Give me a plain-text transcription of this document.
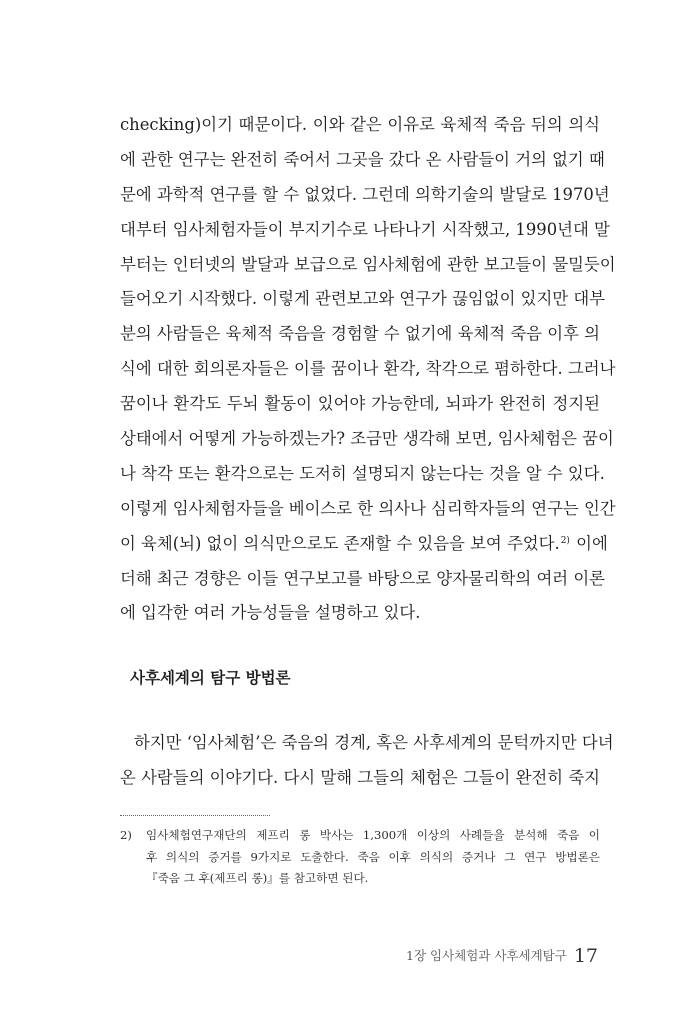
checking)이기 때문이다. 이와 같은 이유로 육체적 죽음 뒤의 의식
에 관한 연구는 완전히 죽어서 그곳을 갔다 온 사람들이 거의 없기 때
문에 과학적 연구를 할 수 없었다. 그런데 의학기술의 발달로 1970년
대부터 임사체험자들이 부지기수로 나타나기 시작했고, 1990년대 말
부터는 인터넷의 발달과 보급으로 임사체험에 관한 보고들이 물밀듯이
들어오기 시작했다. 이렇게 관련보고와 연구가 끊임없이 있지만 대부
분의 사람들은 육체적 죽음을 경험할 수 없기에 육체적 죽음 이후 의
식에 대한 회의론자들은 이를 꿈이나 환각, 착각으로 폄하한다. 그러나
꿈이나 환각도 두뇌 활동이 있어야 가능한데, 뇌파가 완전히 정지된
상태에서 어떻게 가능하겠는가? 조금만 생각해 보면, 임사체험은 꿈이
나 착각 또는 환각으로는 도저히 설명되지 않는다는 것을 알 수 있다.
이렇게 임사체험자들을 베이스로 한 의사나 심리학자들의 연구는 인간
이 육체(뇌) 없이 의식만으로도 존재할 수 있음을 보여 주었다.$^{2)}$ 이에
더해 최근 경향은 이들 연구보고를 바탕으로 양자물리학의 여러 이론
에 입각한 여러 가능성들을 설명하고 있다.
사후세계의 탐구 방법론
하지만 ‘임사체험’은 죽음의 경계, 혹은 사후세계의 문턱까지만 다녀
온 사람들의 이야기다. 다시 말해 그들의 체험은 그들이 완전히 죽지
2) 임사체험연구재단의 제프리 롱 박사는 1,300개 이상의 사례들을 분석해 죽음 이
후 의식의 증거를 9가지로 도출한다. 죽음 이후 의식의 증거나 그 연구 방법론은
『죽음 그 후(제프리 롱)』를 참고하면 된다.
1장 임사체험과 사후세계탐구 17
